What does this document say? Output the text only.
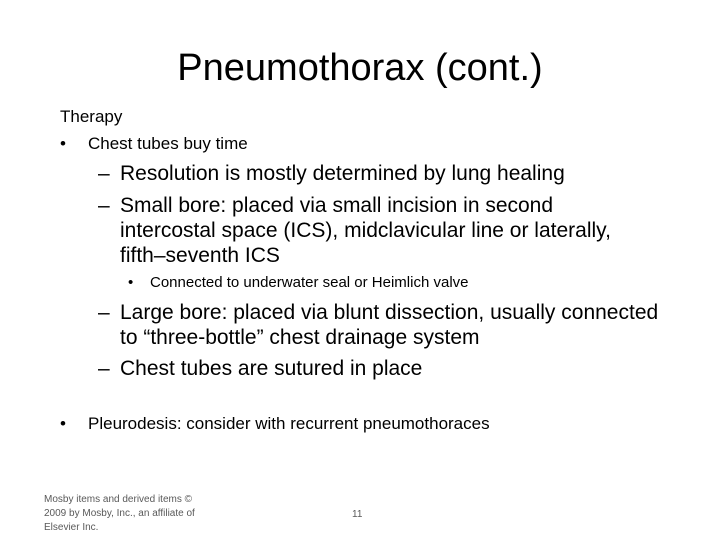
Pneumothorax (cont.)
Therapy
• Chest tubes buy time
– Resolution is mostly determined by lung healing
– Small bore: placed via small incision in second intercostal space (ICS), midclavicular line or laterally, fifth–seventh ICS
• Connected to underwater seal or Heimlich valve
– Large bore: placed via blunt dissection, usually connected to “three-bottle” chest drainage system
– Chest tubes are sutured in place
• Pleurodesis: consider with recurrent pneumothoraces
Mosby items and derived items © 2009 by Mosby, Inc., an affiliate of Elsevier Inc.
11
